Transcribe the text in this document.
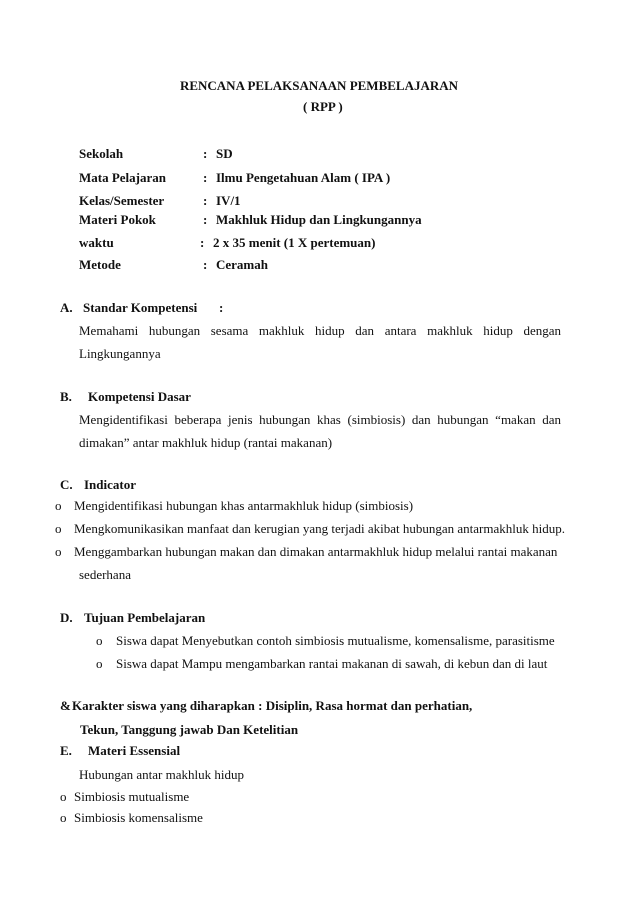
RENCANA PELAKSANAAN PEMBELAJARAN
( RPP )
Sekolah	: SD
Mata Pelajaran	: Ilmu Pengetahuan Alam ( IPA )
Kelas/Semester	: IV/1
Materi Pokok	: Makhluk Hidup dan Lingkungannya
waktu	: 2 x 35 menit (1 X pertemuan)
Metode	: Ceramah
A. Standar Kompetensi :
Memahami hubungan sesama makhluk hidup dan antara makhluk hidup dengan
Lingkungannya
B. Kompetensi Dasar
Mengidentifikasi beberapa jenis hubungan khas (simbiosis) dan hubungan “makan dan
dimakan” antar makhluk hidup (rantai makanan)
C. Indicator
o Mengidentifikasi hubungan khas antarmakhluk hidup (simbiosis)
o Mengkomunikasikan manfaat dan kerugian yang terjadi akibat hubungan antarmakhluk hidup.
o Menggambarkan hubungan makan dan dimakan antarmakhluk hidup melalui rantai makanan
sederhana
D. Tujuan Pembelajaran
o Siswa dapat Menyebutkan contoh simbiosis mutualisme, komensalisme, parasitisme
o Siswa dapat Mampu mengambarkan rantai makanan di sawah, di kebun dan di laut
& Karakter siswa yang diharapkan : Disiplin, Rasa hormat dan perhatian,
Tekun, Tanggung jawab Dan Ketelitian
E. Materi Essensial
Hubungan antar makhluk hidup
o Simbiosis mutualisme
o Simbiosis komensalisme
